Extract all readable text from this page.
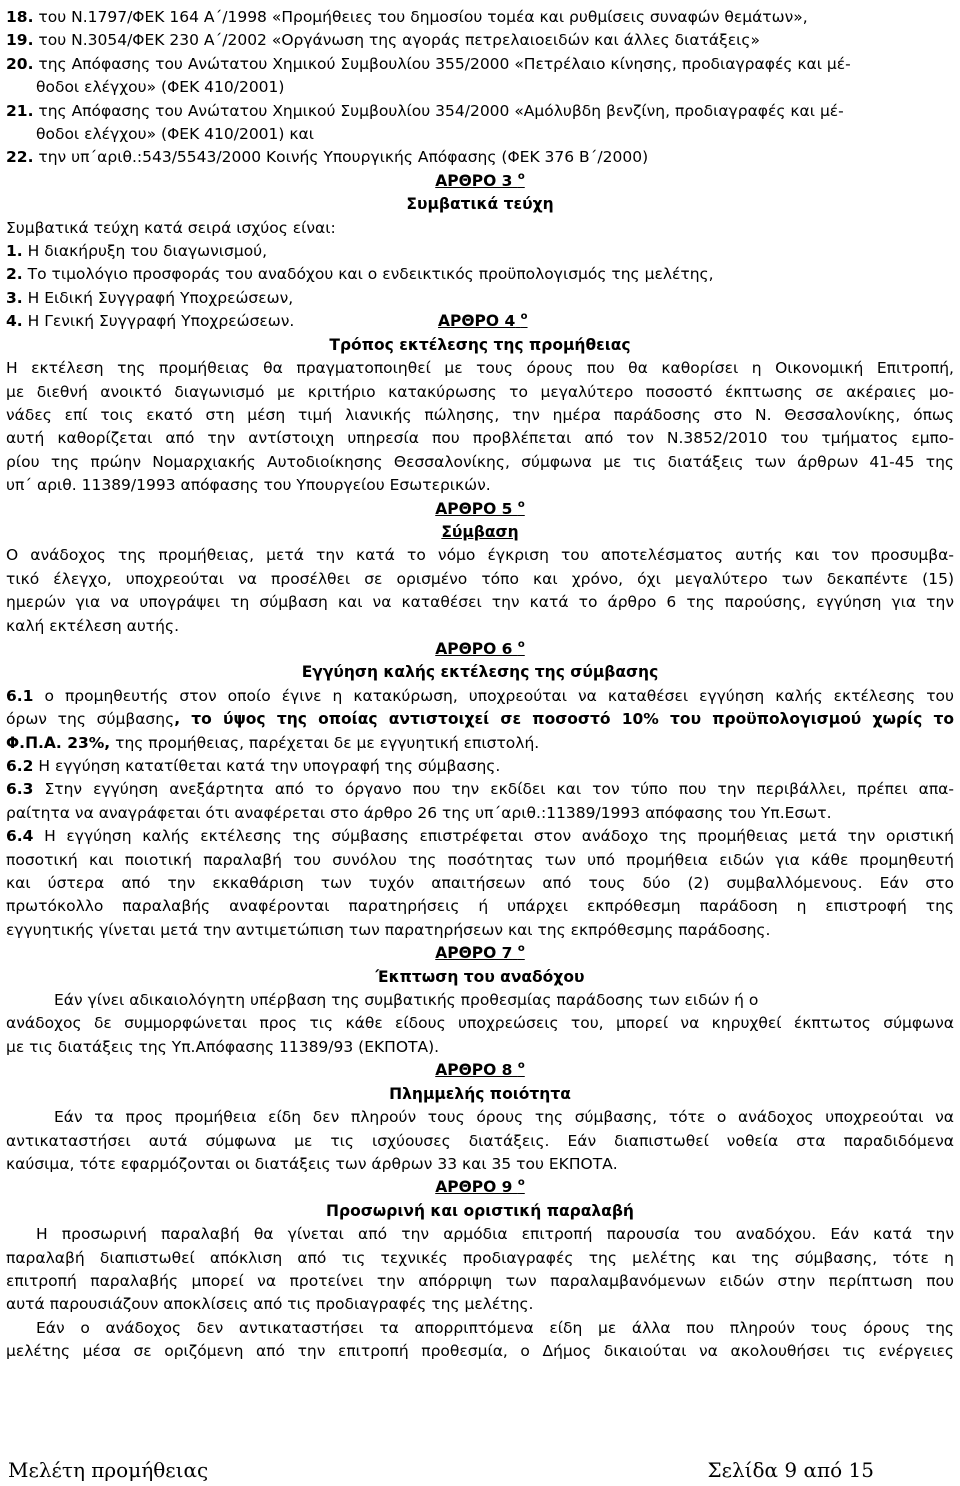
18. του Ν.1797/ΦΕΚ 164 Α΄/1998 «Προμήθειες του δημοσίου τομέα και ρυθμίσεις συναφών θεμάτων»,
19. του Ν.3054/ΦΕΚ 230 Α΄/2002 «Οργάνωση της αγοράς πετρελαιοειδών και άλλες διατάξεις»
20. της Απόφασης του Ανώτατου Χημικού Συμβουλίου 355/2000 «Πετρέλαιο κίνησης, προδιαγραφές και μέ-
θοδοι ελέγχου» (ΦΕΚ 410/2001)
21. της Απόφασης του Ανώτατου Χημικού Συμβουλίου 354/2000 «Αμόλυβδη βενζίνη, προδιαγραφές και μέ-
θοδοι ελέγχου» (ΦΕΚ 410/2001) και
22. την υπ΄αριθ.:543/5543/2000 Κοινής Υπουργικής Απόφασης (ΦΕΚ 376 Β΄/2000)
ΑΡΘΡΟ 3 $^o$
Συμβατικά τεύχη
Συμβατικά τεύχη κατά σειρά ισχύος είναι:
1. Η διακήρυξη του διαγωνισμού,
2. Το τιμολόγιο προσφοράς του αναδόχου και ο ενδεικτικός προϋπολογισμός της μελέτης,
3. Η Ειδική Συγγραφή Υποχρεώσεων,
4. Η Γενική Συγγραφή Υποχρεώσεων.	ΑΡΘΡΟ 4 $^o$
Τρόπος εκτέλεσης της προμήθειας
Η εκτέλεση της προμήθειας θα πραγματοποιηθεί με τους όρους που θα καθορίσει η Οικονομική Επιτροπή,
με διεθνή ανοικτό διαγωνισμό με κριτήριο κατακύρωσης το μεγαλύτερο ποσοστό έκπτωσης σε ακέραιες μο-
νάδες επί τοις εκατό στη μέση τιμή λιανικής πώλησης, την ημέρα παράδοσης στο Ν. Θεσσαλονίκης, όπως
αυτή καθορίζεται από την αντίστοιχη υπηρεσία που προβλέπεται από τον Ν.3852/2010 του τμήματος εμπο-
ρίου της πρώην Νομαρχιακής Αυτοδιοίκησης Θεσσαλονίκης, σύμφωνα με τις διατάξεις των άρθρων 41-45 της
υπ΄ αριθ. 11389/1993 απόφασης του Υπουργείου Εσωτερικών.
ΑΡΘΡΟ 5 $^o$
Σύμβαση
Ο ανάδοχος της προμήθειας, μετά την κατά το νόμο έγκριση του αποτελέσματος αυτής και τον προσυμβα-
τικό έλεγχο, υποχρεούται να προσέλθει σε ορισμένο τόπο και χρόνο, όχι μεγαλύτερο των δεκαπέντε (15)
ημερών για να υπογράψει τη σύμβαση και να καταθέσει την κατά το άρθρο 6 της παρούσης, εγγύηση για την
καλή εκτέλεση αυτής.
ΑΡΘΡΟ 6 $^o$
Εγγύηση καλής εκτέλεσης της σύμβασης
6.1 ο προμηθευτής στον οποίο έγινε η κατακύρωση, υποχρεούται να καταθέσει εγγύηση καλής εκτέλεσης του
όρων της σύμβασης, το ύψος της οποίας αντιστοιχεί σε ποσοστό 10% του προϋπολογισμού χωρίς το
Φ.Π.Α. 23%, της προμήθειας, παρέχεται δε με εγγυητική επιστολή.
6.2 Η εγγύηση κατατίθεται κατά την υπογραφή της σύμβασης.
6.3 Στην εγγύηση ανεξάρτητα από το όργανο που την εκδίδει και τον τύπο που την περιβάλλει, πρέπει απα-
ραίτητα να αναγράφεται ότι αναφέρεται στο άρθρο 26 της υπ΄αριθ.:11389/1993 απόφασης του Υπ.Εσωτ.
6.4 Η εγγύηση καλής εκτέλεσης της σύμβασης επιστρέφεται στον ανάδοχο της προμήθειας μετά την οριστική
ποσοτική και ποιοτική παραλαβή του συνόλου της ποσότητας των υπό προμήθεια ειδών για κάθε προμηθευτή
και ύστερα από την εκκαθάριση των τυχόν απαιτήσεων από τους δύο (2) συμβαλλόμενους. Εάν στο
πρωτόκολλο παραλαβής αναφέρονται παρατηρήσεις ή υπάρχει εκπρόθεσμη παράδοση η επιστροφή της
εγγυητικής γίνεται μετά την αντιμετώπιση των παρατηρήσεων και της εκπρόθεσμης παράδοσης.
ΑΡΘΡΟ 7 $^o$
Έκπτωση του αναδόχου
Εάν γίνει αδικαιολόγητη υπέρβαση της συμβατικής προθεσμίας παράδοσης των ειδών ή ο
ανάδοχος δε συμμορφώνεται προς τις κάθε είδους υποχρεώσεις του, μπορεί να κηρυχθεί έκπτωτος σύμφωνα
με τις διατάξεις της Υπ.Απόφασης 11389/93 (ΕΚΠΟΤΑ).
ΑΡΘΡΟ 8 $^o$
Πλημμελής ποιότητα
Εάν τα προς προμήθεια είδη δεν πληρούν τους όρους της σύμβασης, τότε ο ανάδοχος υποχρεούται να
αντικαταστήσει αυτά σύμφωνα με τις ισχύουσες διατάξεις. Εάν διαπιστωθεί νοθεία στα παραδιδόμενα
καύσιμα, τότε εφαρμόζονται οι διατάξεις των άρθρων 33 και 35 του ΕΚΠΟΤΑ.
ΑΡΘΡΟ 9 $^o$
Προσωρινή και οριστική παραλαβή
Η προσωρινή παραλαβή θα γίνεται από την αρμόδια επιτροπή παρουσία του αναδόχου. Εάν κατά την
παραλαβή διαπιστωθεί απόκλιση από τις τεχνικές προδιαγραφές της μελέτης και της σύμβασης, τότε η
επιτροπή παραλαβής μπορεί να προτείνει την απόρριψη των παραλαμβανόμενων ειδών στην περίπτωση που
αυτά παρουσιάζουν αποκλίσεις από τις προδιαγραφές της μελέτης.
Εάν ο ανάδοχος δεν αντικαταστήσει τα απορριπτόμενα είδη με άλλα που πληρούν τους όρους της
μελέτης μέσα σε οριζόμενη από την επιτροπή προθεσμία, ο Δήμος δικαιούται να ακολουθήσει τις ενέργειες
Μελέτη προμήθειας	Σελίδα 9 από 15
